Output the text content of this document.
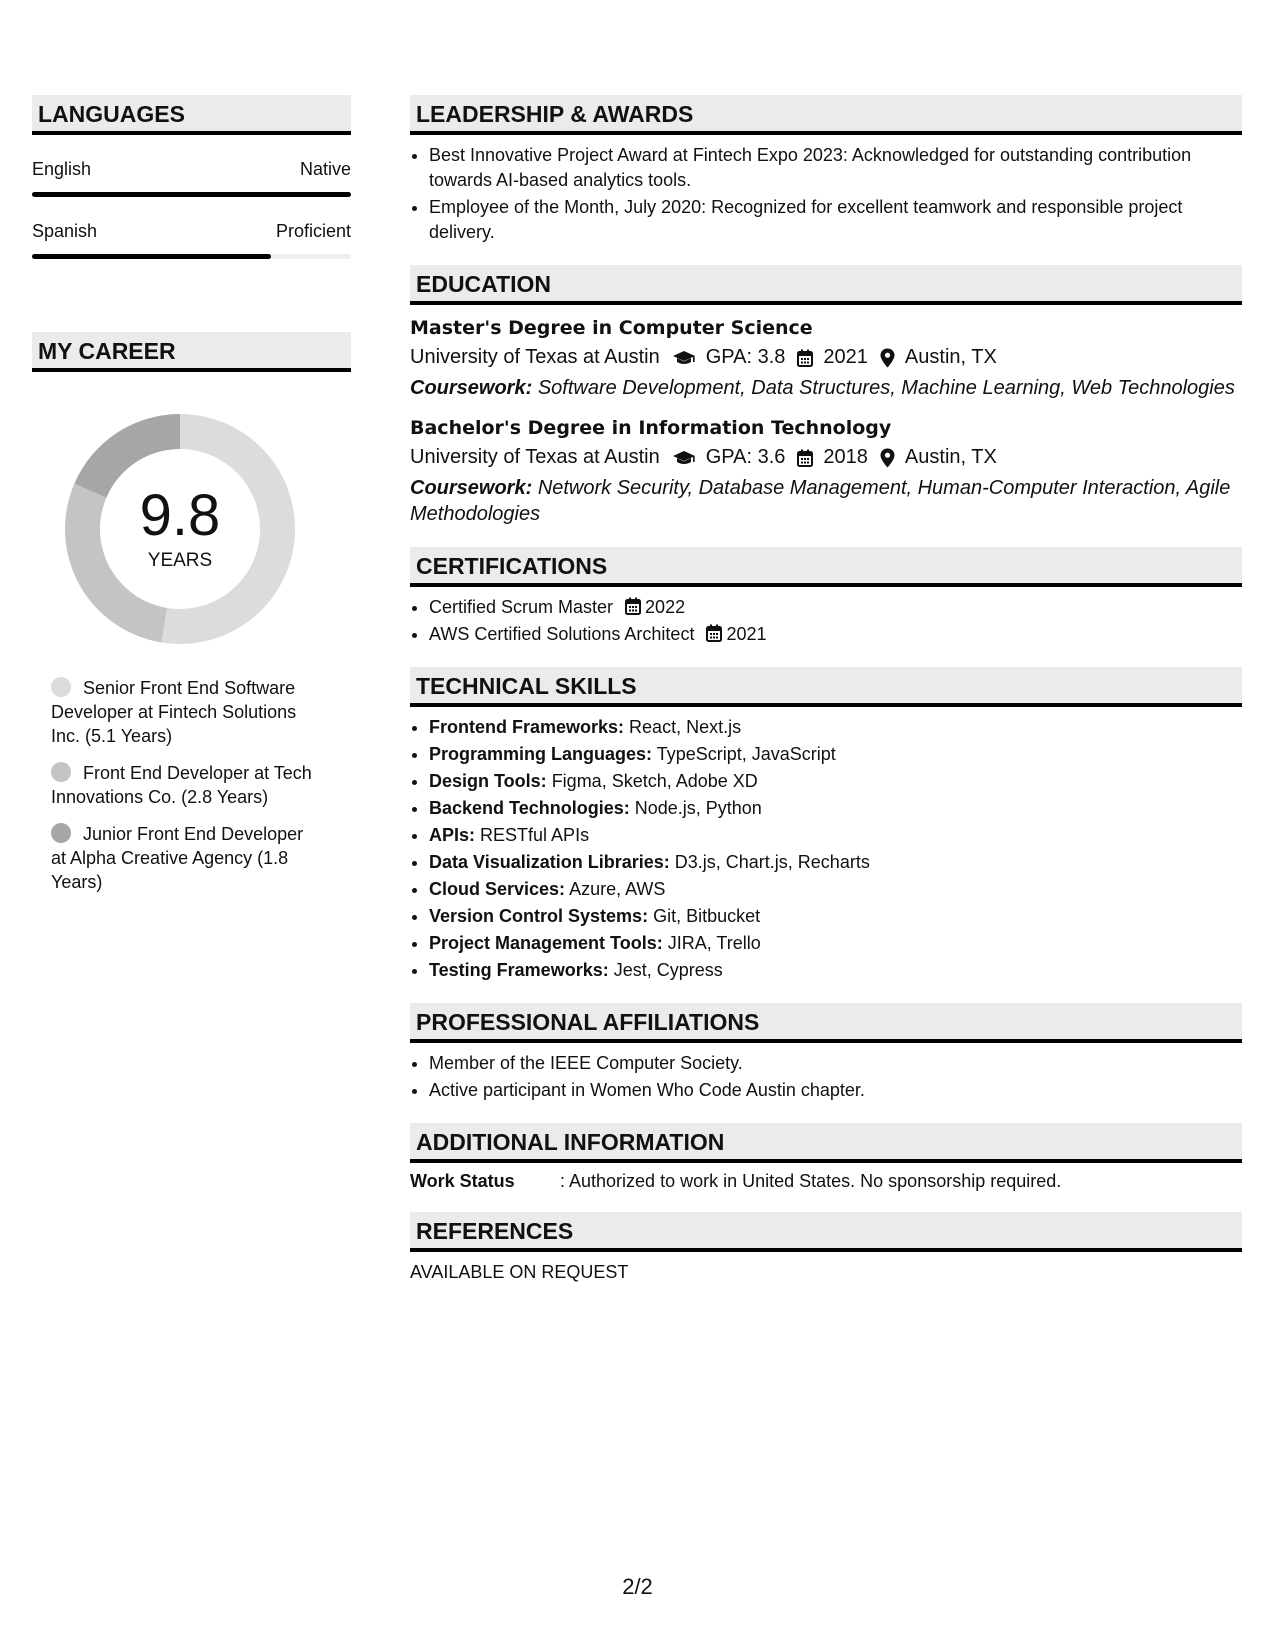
LANGUAGES
English	Native
Spanish	Proficient
MY CAREER
9.8
YEARS
Senior Front End Software Developer at Fintech Solutions Inc. (5.1 Years)
Front End Developer at Tech Innovations Co. (2.8 Years)
Junior Front End Developer at Alpha Creative Agency (1.8 Years)
LEADERSHIP & AWARDS
• Best Innovative Project Award at Fintech Expo 2023: Acknowledged for outstanding contribution towards AI-based analytics tools.
• Employee of the Month, July 2020: Recognized for excellent teamwork and responsible project delivery.
EDUCATION
Master's Degree in Computer Science
University of Texas at Austin GPA: 3.8 2021 Austin, TX
Coursework: Software Development, Data Structures, Machine Learning, Web Technologies
Bachelor's Degree in Information Technology
University of Texas at Austin GPA: 3.6 2018 Austin, TX
Coursework: Network Security, Database Management, Human-Computer Interaction, Agile Methodologies
CERTIFICATIONS
• Certified Scrum Master 2022
• AWS Certified Solutions Architect 2021
TECHNICAL SKILLS
• Frontend Frameworks: React, Next.js
• Programming Languages: TypeScript, JavaScript
• Design Tools: Figma, Sketch, Adobe XD
• Backend Technologies: Node.js, Python
• APIs: RESTful APIs
• Data Visualization Libraries: D3.js, Chart.js, Recharts
• Cloud Services: Azure, AWS
• Version Control Systems: Git, Bitbucket
• Project Management Tools: JIRA, Trello
• Testing Frameworks: Jest, Cypress
PROFESSIONAL AFFILIATIONS
• Member of the IEEE Computer Society.
• Active participant in Women Who Code Austin chapter.
ADDITIONAL INFORMATION
Work Status	: Authorized to work in United States. No sponsorship required.
REFERENCES
AVAILABLE ON REQUEST
2/2
